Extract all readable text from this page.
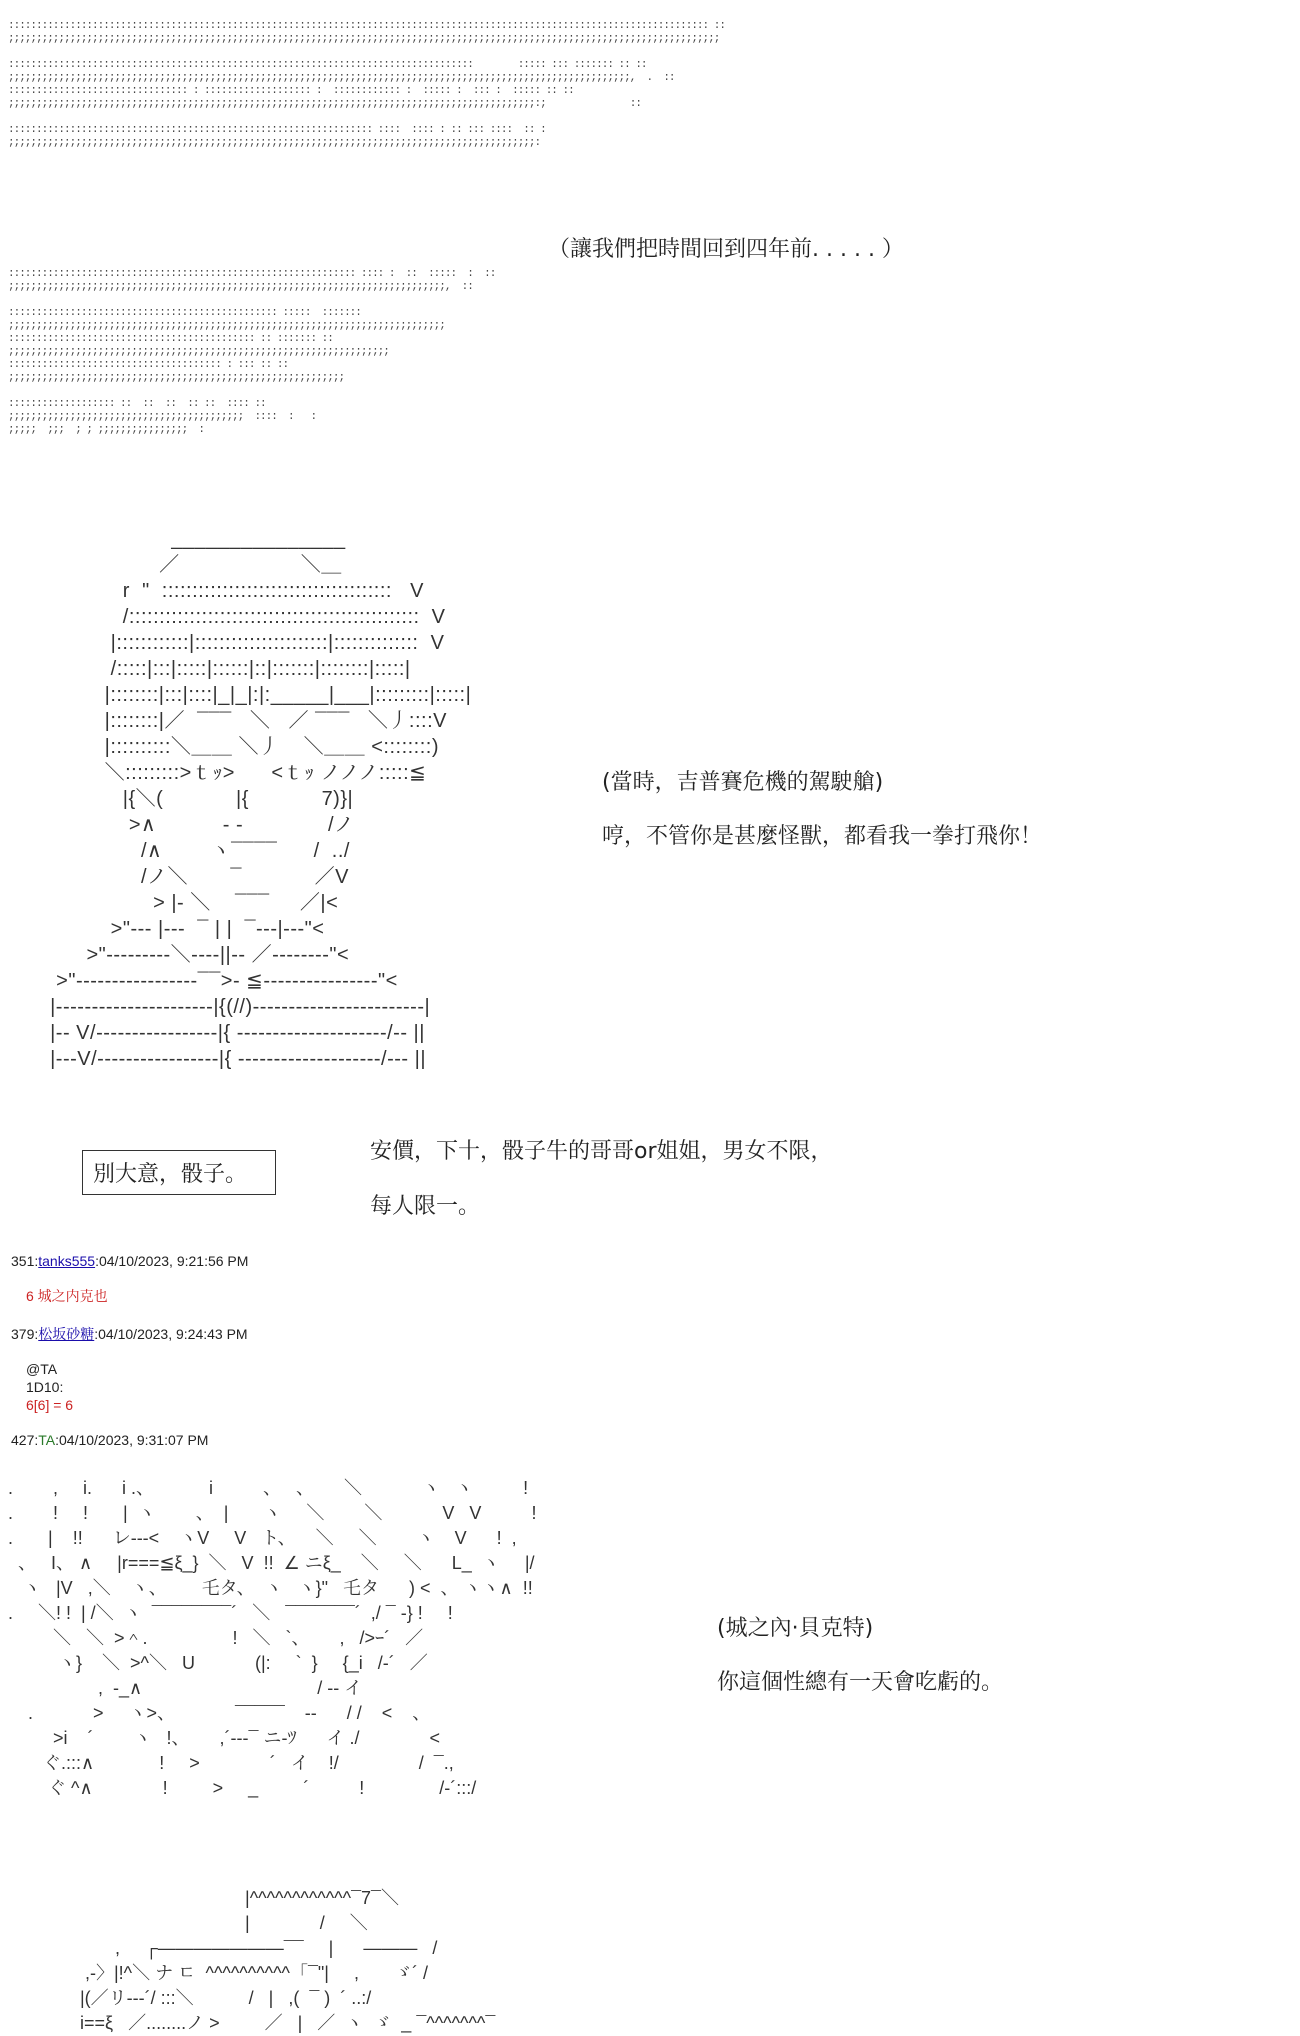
::::::::::::::::::::::::::::::::::::::::::::::::::::::::::::::::::::::::::::::::::::::::::::::::::::::::::::::::::::::::::::: ::
;;;;;;;;;;;;;;;;;;;;;;;;;;;;;;;;;;;;;;;;;;;;;;;;;;;;;;;;;;;;;;;;;;;;;;;;;;;;;;;;;;;;;;;;;;;;;;;;;;;;;;;;;;;;;;;;;;;;;;;;;;;;;;;

:::::::::::::::::::::::::::::::::::::::::::::::::::::::::::::::::::::::::::::::::::        ::::: ::: ::::::: :: ::
;;;;;;;;;;;;;;;;;;;;;;;;;;;;;;;;;;;;;;;;;;;;;;;;;;;;;;;;;;;;;;;;;;;;;;;;;;;;;;;;;;;;;;;;;;;;;;;;;;;;;;;;;;;;;;;,  .  ::
:::::::::::::::::::::::::::::::: : ::::::::::::::::::: :  :::::::::::: :  ::::: :  ::: :  ::::: :: ::
;;;;;;;;;;;;;;;;;;;;;;;;;;;;;;;;;;;;;;;;;;;;;;;;;;;;;;;;;;;;;;;;;;;;;;;;;;;;;;;;;;;;;;;;;;;;;;:;               ::

::::::::::::::::::::::::::::::::::::::::::::::::::::::::::::::::: ::::  :::: : :: ::: ::::  :: :
;;;;;;;;;;;;;;;;;;;;;;;;;;;;;;;;;;;;;;;;;;;;;;;;;;;;;;;;;;;;;;;;;;;;;;;;;;;;;;;;;;;;;;;;;;;;;;:

（讓我們把時間回到四年前. . . . . ）
:::::::::::::::::::::::::::::::::::::::::::::::::::::::::::::: :::: :  ::  :::::  :  ::
;;;;;;;;;;;;;;;;;;;;;;;;;;;;;;;;;;;;;;;;;;;;;;;;;;;;;;;;;;;;;;;;;;;;;;;;;;;;;;,  ::

:::::::::::::::::::::::::::::::::::::::::::::::: :::::  :::::::
;;;;;;;;;;;;;;;;;;;;;;;;;;;;;;;;;;;;;;;;;;;;;;;;;;;;;;;;;;;;;;;;;;;;;;;;;;;;;;
:::::::::::::::::::::::::::::::::::::::::::: :: ::::::: ::
;;;;;;;;;;;;;;;;;;;;;;;;;;;;;;;;;;;;;;;;;;;;;;;;;;;;;;;;;;;;;;;;;;;;
:::::::::::::::::::::::::::::::::::::: : ::: :: ::
;;;;;;;;;;;;;;;;;;;;;;;;;;;;;;;;;;;;;;;;;;;;;;;;;;;;;;;;;;;;

::::::::::::::::::: ::  ::  ::  :: ::  :::: ::
;;;;;;;;;;;;;;;;;;;;;;;;;;;;;;;;;;;;;;;;;;  ::::  :   :
;;;;;  ;;;  ; ; ;;;;;;;;;;;;;;;;  :

_______________
／                    ＼＿
r  "  ::::::::::::::::::::::::::::::::::::::   V
/::::::::::::::::::::::::::::::::::::::::::::::::  V
|::::::::::::|::::::::::::::::::::::|::::::::::::::  V
/:::::|:::|:::::|::::::|::|:::::::|::::::::|:::::|
|::::::::|:::|::::|_|_|:|:_____|___|:::::::::|:::::|
|::::::::|／  ¯¯¯   ＼   ／ ¯¯¯   ＼丿::::V
|::::::::::＼＿＿ ＼丿    ＼＿＿ <::::::::)
＼:::::::::>ｔｯ>      <ｔｯ ノノノ:::::≦
|{＼(            |{            7)}|
>∧           - -              /ノ
/∧        ヽ¯¯¯¯      /  ../
/ノ＼       ¯            ／V
> |- ＼    ¯¯¯     ／|<
>"--- |---  ¯ | |  ¯---|---"<
>"---------＼----||-- ／--------"<
>"-----------------¯¯>- ≦----------------"<
|----------------------|{(//)------------------------|
|-- V/-----------------|{ ---------------------/-- ||
|---V/-----------------|{ --------------------/--- ||

(當時，吉普賽危機的駕駛艙)
哼，不管你是甚麼怪獸，都看我一拳打飛你！
別大意，骰子。
安價，下十，骰子牛的哥哥or姐姐，男女不限，
每人限一。
351:tanks555:04/10/2023, 9:21:56 PM
6 城之内克也
379:松坂砂糖:04/10/2023, 9:24:43 PM
@TA
1D10:
6[6] = 6
427:TA:04/10/2023, 9:31:07 PM
.        ,     i.      i .、           i          、   、      ＼            ヽ   ヽ          !
.        !     !       |  ヽ        、  |       ヽ     ＼        ＼            V   V          !
.       |    !!      レ---<    ヽV     V   ト、    ＼     ＼        ヽ    V      !  ,
、   I、 ∧     |r===≦ξ_}  ＼   V  !!  ∠ ニξ_    ＼     ＼      L_  ヽ     |/
ヽ   |V   ,＼    ヽ、       乇タ、  ヽ   ヽ}"   乇タ      ) <  、 ヽヽ∧  !!
.     ＼! !  | /＼  ヽ  ¯¯¯¯¯¯¯¯´   ＼   ¯¯¯¯¯¯¯´  ,/ ¯ -} !     !
＼   ＼  >＾.                 !   ＼   `、      ,   />ｰ´   ／
ヽ}    ＼  >^＼   U            (|:     `  }     {_i   /-´   ／
,  -_∧                                   / -- イ
.            >     ヽ>、            ¯¯¯¯¯    --      / /    <    、
>i    ´        ヽ   !、      ,´---¯ ニ-ﾂ      イ ./              <
ぐ.:::∧             !     >              ´   イ    !/                /  ¯.,
ぐ ^∧              !         >     _         ´          !               /-´:::/

(城之內·貝克特)
你這個性總有一天會吃虧的。
|^^^^^^^^^^^^¯7¯＼
|              /     ＼
,     ┌———————¯¯     |      ―――   /
,-〉|!^＼ ナ ㄷ  ^^^^^^^^^^「¯"|     ,       ゞ´ /
|(／リ---´/ :::＼           /   |   ,(  ¯ )  ´ ..:/
i==ξ   ／........ノ >         ／   |   ／  ヽ  ゞ  _ ¯^^^^^^^¯
